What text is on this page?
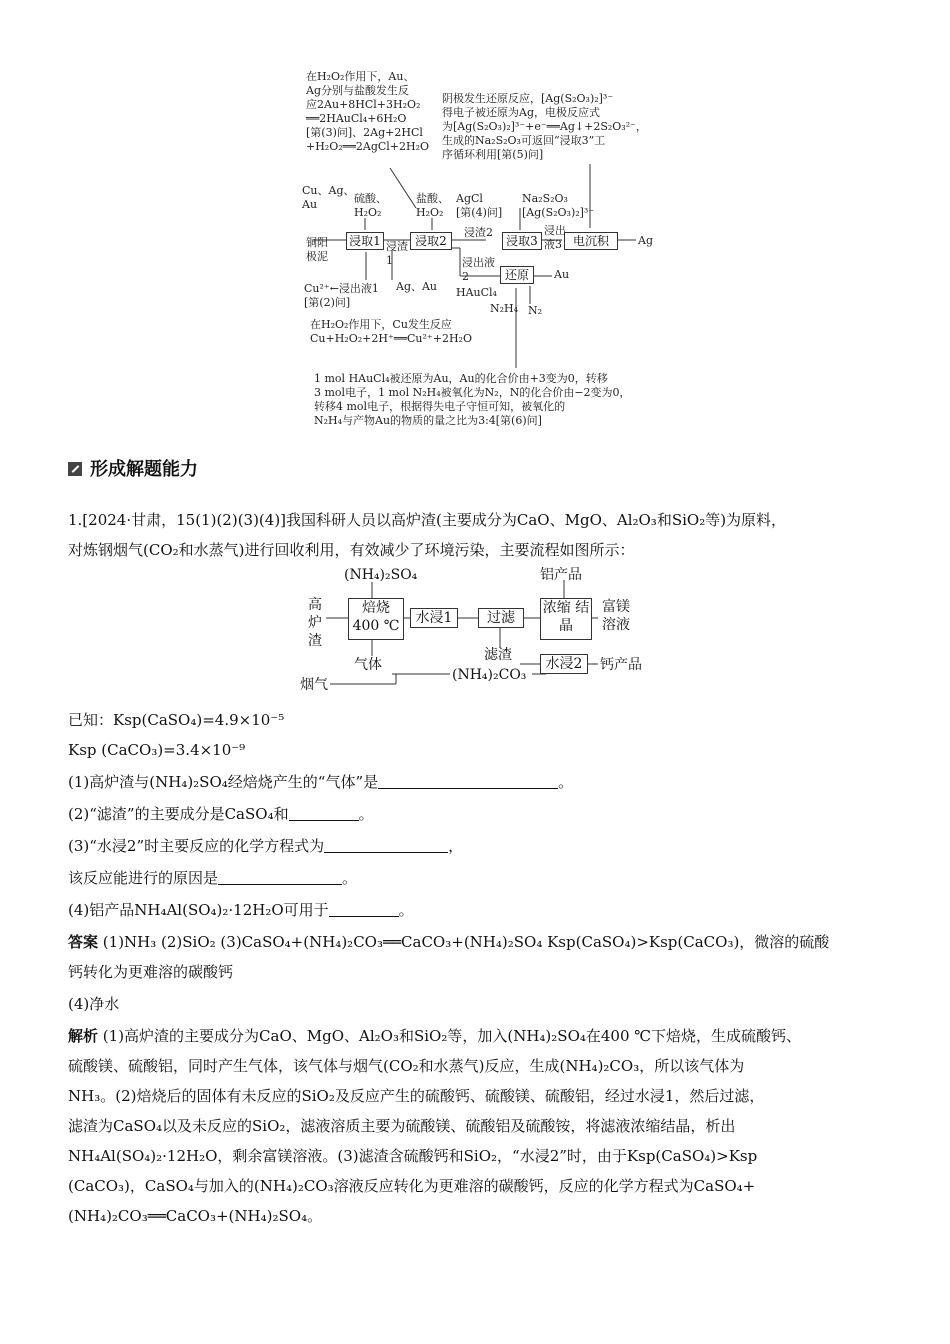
在H₂O₂作用下，Au、
Ag分别与盐酸发生反
应2Au+8HCl+3H₂O₂
══2HAuCl₄+6H₂O
[第(3)问]、2Ag+2HCl
+H₂O₂══2AgCl+2H₂O
阴极发生还原反应，[Ag(S₂O₃)₂]³⁻
得电子被还原为Ag，电极反应式
为[Ag(S₂O₃)₂]³⁻+e⁻══Ag↓+2S₂O₃²⁻，
生成的Na₂S₂O₃可返回“浸取3”工
序循环利用[第(5)问]
Cu、Ag、
Au
铜阳
极泥
硫酸、
H₂O₂
盐酸、
H₂O₂
AgCl
[第(4)问]
Na₂S₂O₃
[Ag(S₂O₃)₂]³⁻
浸取1	浸取2	浸取3	电沉积
还原
浸渣
1
浸渣2	浸出
液3
浸出液
2
Ag
Au
Ag、Au
Cu²⁺←浸出液1
[第(2)问]
HAuCl₄
N₂H₄ N₂
在H₂O₂作用下，Cu发生反应
Cu+H₂O₂+2H⁺══Cu²⁺+2H₂O
1 mol HAuCl₄被还原为Au，Au的化合价由+3变为0，转移
3 mol电子，1 mol N₂H₄被氧化为N₂，N的化合价由−2变为0，
转移4 mol电子，根据得失电子守恒可知，被氧化的
N₂H₄与产物Au的物质的量之比为3:4[第(6)问]
形成解题能力
1.[2024·甘肃，15(1)(2)(3)(4)]我国科研人员以高炉渣(主要成分为CaO、MgO、Al₂O₃和SiO₂等)为原料，
对炼钢烟气(CO₂和水蒸气)进行回收利用，有效减少了环境污染，主要流程如图所示：
(NH₄)₂SO₄
高
炉
渣
焙烧 400 ℃	水浸1	过滤
浓缩 结晶
铝产品
富镁
溶液
气体
烟气
(NH₄)₂CO₃
滤渣
水浸2	钙产品
已知：Ksp(CaSO₄)=4.9×10⁻⁵
Ksp (CaCO₃)=3.4×10⁻⁹
(1)高炉渣与(NH₄)₂SO₄经焙烧产生的“气体”是	。
(2)“滤渣”的主要成分是CaSO₄和	。
(3)“水浸2”时主要反应的化学方程式为	，
该反应能进行的原因是	。
(4)铝产品NH₄Al(SO₄)₂·12H₂O可用于	。
答案 (1)NH₃ (2)SiO₂ (3)CaSO₄+(NH₄)₂CO₃══CaCO₃+(NH₄)₂SO₄ Ksp(CaSO₄)>Ksp(CaCO₃)，微溶的硫酸
钙转化为更难溶的碳酸钙
(4)净水
解析 (1)高炉渣的主要成分为CaO、MgO、Al₂O₃和SiO₂等，加入(NH₄)₂SO₄在400 ℃下焙烧，生成硫酸钙、
硫酸镁、硫酸铝，同时产生气体，该气体与烟气(CO₂和水蒸气)反应，生成(NH₄)₂CO₃，所以该气体为
NH₃。(2)焙烧后的固体有未反应的SiO₂及反应产生的硫酸钙、硫酸镁、硫酸铝，经过水浸1，然后过滤，
滤渣为CaSO₄以及未反应的SiO₂，滤液溶质主要为硫酸镁、硫酸铝及硫酸铵，将滤液浓缩结晶，析出
NH₄Al(SO₄)₂·12H₂O，剩余富镁溶液。(3)滤渣含硫酸钙和SiO₂，“水浸2”时，由于Ksp(CaSO₄)>Ksp
(CaCO₃)，CaSO₄与加入的(NH₄)₂CO₃溶液反应转化为更难溶的碳酸钙，反应的化学方程式为CaSO₄+
(NH₄)₂CO₃══CaCO₃+(NH₄)₂SO₄。
